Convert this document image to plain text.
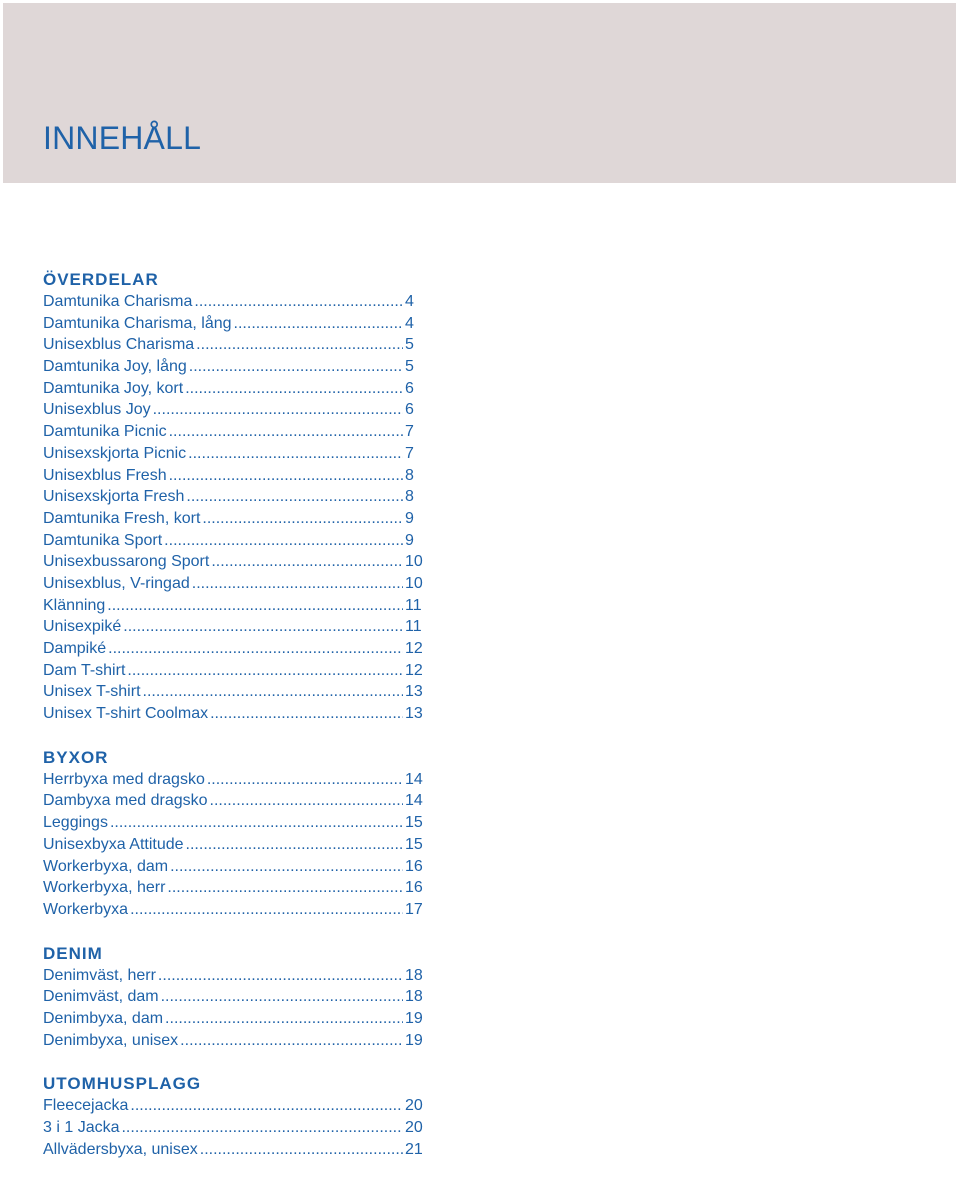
INNEHÅLL
ÖVERDELAR
Damtunika Charisma .....	4
Damtunika Charisma, lång .....	4
Unisexblus Charisma .....	5
Damtunika Joy, lång .....	5
Damtunika Joy, kort .....	6
Unisexblus Joy .....	6
Damtunika Picnic .....	7
Unisexskjorta Picnic .....	7
Unisexblus Fresh .....	8
Unisexskjorta Fresh .....	8
Damtunika Fresh, kort .....	9
Damtunika Sport .....	9
Unisexbussarong Sport .....	10
Unisexblus, V-ringad .....	10
Klänning .....	11
Unisexpiké .....	11
Dampiké .....	12
Dam T-shirt .....	12
Unisex T-shirt .....	13
Unisex T-shirt Coolmax .....	13
BYXOR
Herrbyxa med dragsko .....	14
Dambyxa med dragsko .....	14
Leggings .....	15
Unisexbyxa Attitude .....	15
Workerbyxa, dam .....	16
Workerbyxa, herr .....	16
Workerbyxa .....	17
DENIM
Denimväst, herr .....	18
Denimväst, dam .....	18
Denimbyxa, dam .....	19
Denimbyxa, unisex .....	19
UTOMHUSPLAGG
Fleecejacka .....	20
3 i 1 Jacka .....	20
Allvädersbyxa, unisex .....	21
